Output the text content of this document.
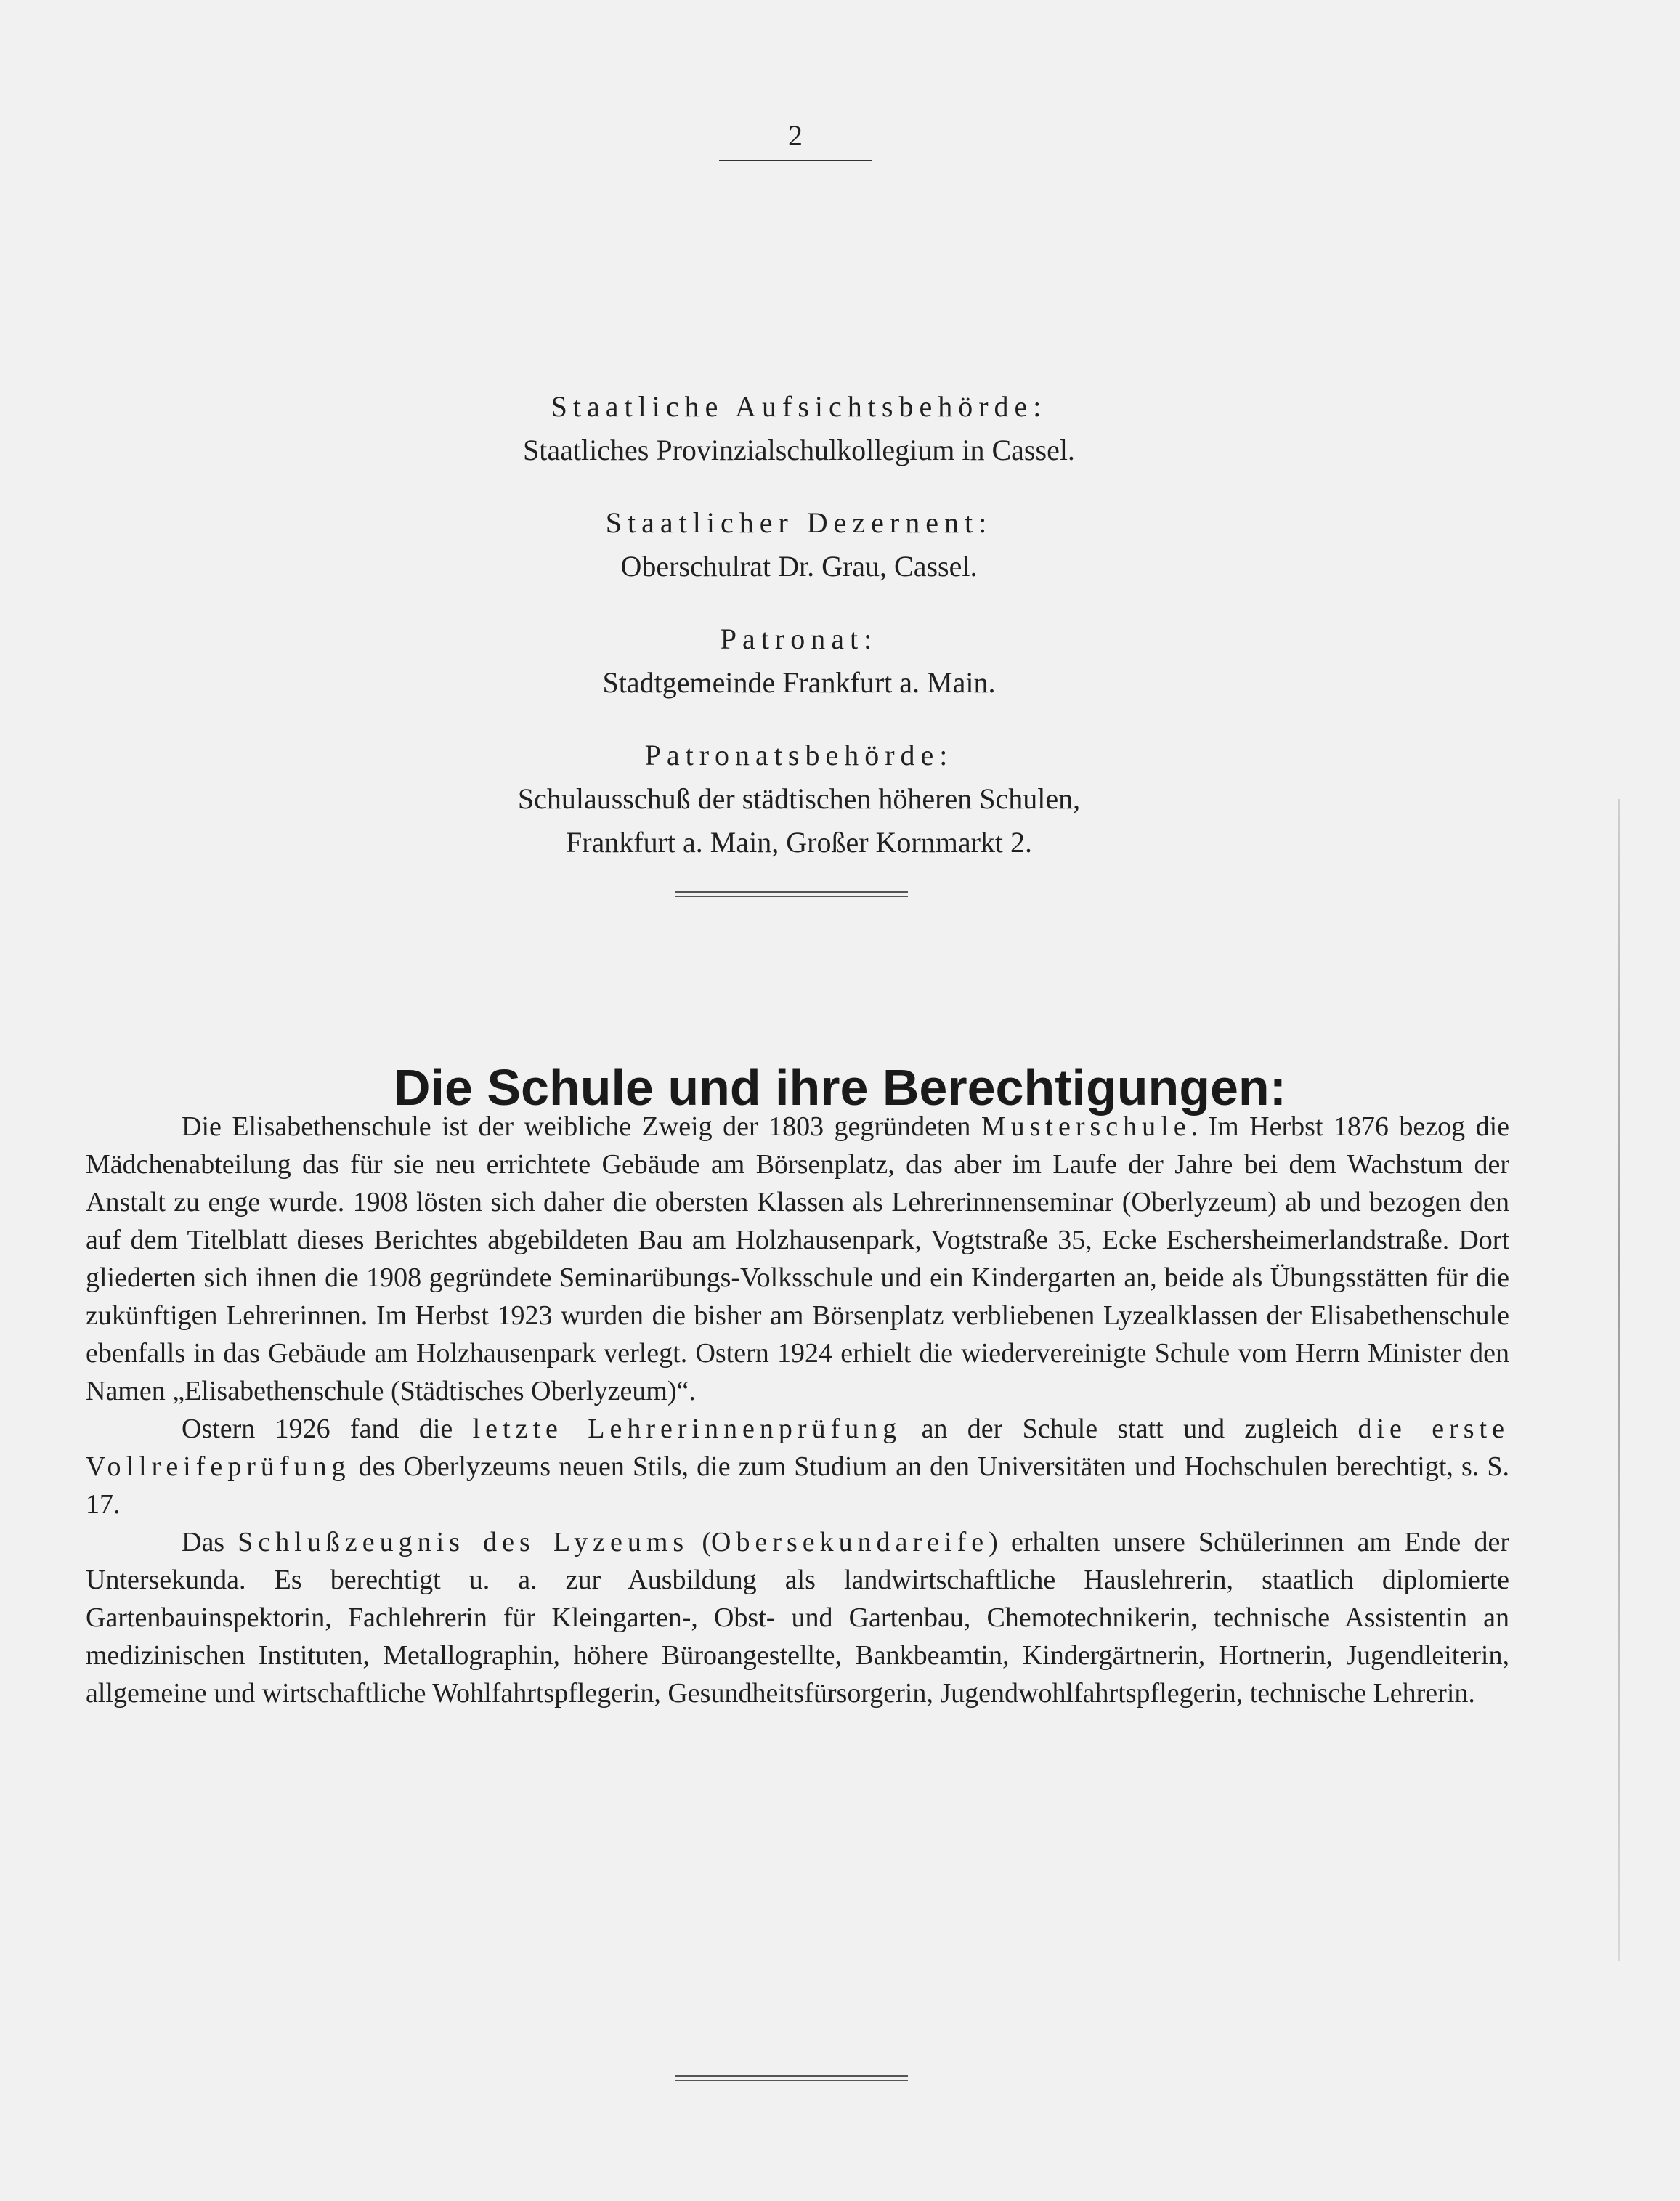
2
Staatliche Aufsichtsbehörde:
Staatliches Provinzialschulkollegium in Cassel.
Staatlicher Dezernent:
Oberschulrat Dr. Grau, Cassel.
Patronat:
Stadtgemeinde Frankfurt a. Main.
Patronatsbehörde:
Schulausschuß der städtischen höheren Schulen,
Frankfurt a. Main, Großer Kornmarkt 2.
Die Schule und ihre Berechtigungen:

Die Elisabethenschule ist der weibliche Zweig der 1803 gegründeten Musterschule. Im Herbst 1876 bezog die Mädchenabteilung das für sie neu errichtete Gebäude am Börsenplatz, das aber im Laufe der Jahre bei dem Wachstum der Anstalt zu enge wurde. 1908 lösten sich daher die obersten Klassen als Lehrerinnenseminar (Oberlyzeum) ab und bezogen den auf dem Titelblatt dieses Berichtes abgebildeten Bau am Holzhausenpark, Vogtstraße 35, Ecke Eschersheimerlandstraße. Dort gliederten sich ihnen die 1908 gegründete Seminarübungs-Volksschule und ein Kindergarten an, beide als Übungsstätten für die zukünftigen Lehrerinnen. Im Herbst 1923 wurden die bisher am Börsenplatz verbliebenen Lyzealklassen der Elisabethenschule ebenfalls in das Gebäude am Holzhausenpark verlegt. Ostern 1924 erhielt die wiedervereinigte Schule vom Herrn Minister den Namen „Elisabethenschule (Städtisches Oberlyzeum)“.

Ostern 1926 fand die letzte Lehrerinnenprüfung an der Schule statt und zugleich die erste Vollreifeprüfung des Oberlyzeums neuen Stils, die zum Studium an den Universitäten und Hochschulen berechtigt, s. S. 17.

Das Schlußzeugnis des Lyzeums (Obersekundareife) erhalten unsere Schülerinnen am Ende der Untersekunda. Es berechtigt u. a. zur Ausbildung als landwirtschaftliche Hauslehrerin, staatlich diplomierte Gartenbauinspektorin, Fachlehrerin für Kleingarten-, Obst- und Gartenbau, Chemotechnikerin, technische Assistentin an medizinischen Instituten, Metallographin, höhere Büroangestellte, Bankbeamtin, Kindergärtnerin, Hortnerin, Jugendleiterin, allgemeine und wirtschaftliche Wohlfahrtspflegerin, Gesundheitsfürsorgerin, Jugendwohlfahrtspflegerin, technische Lehrerin.
